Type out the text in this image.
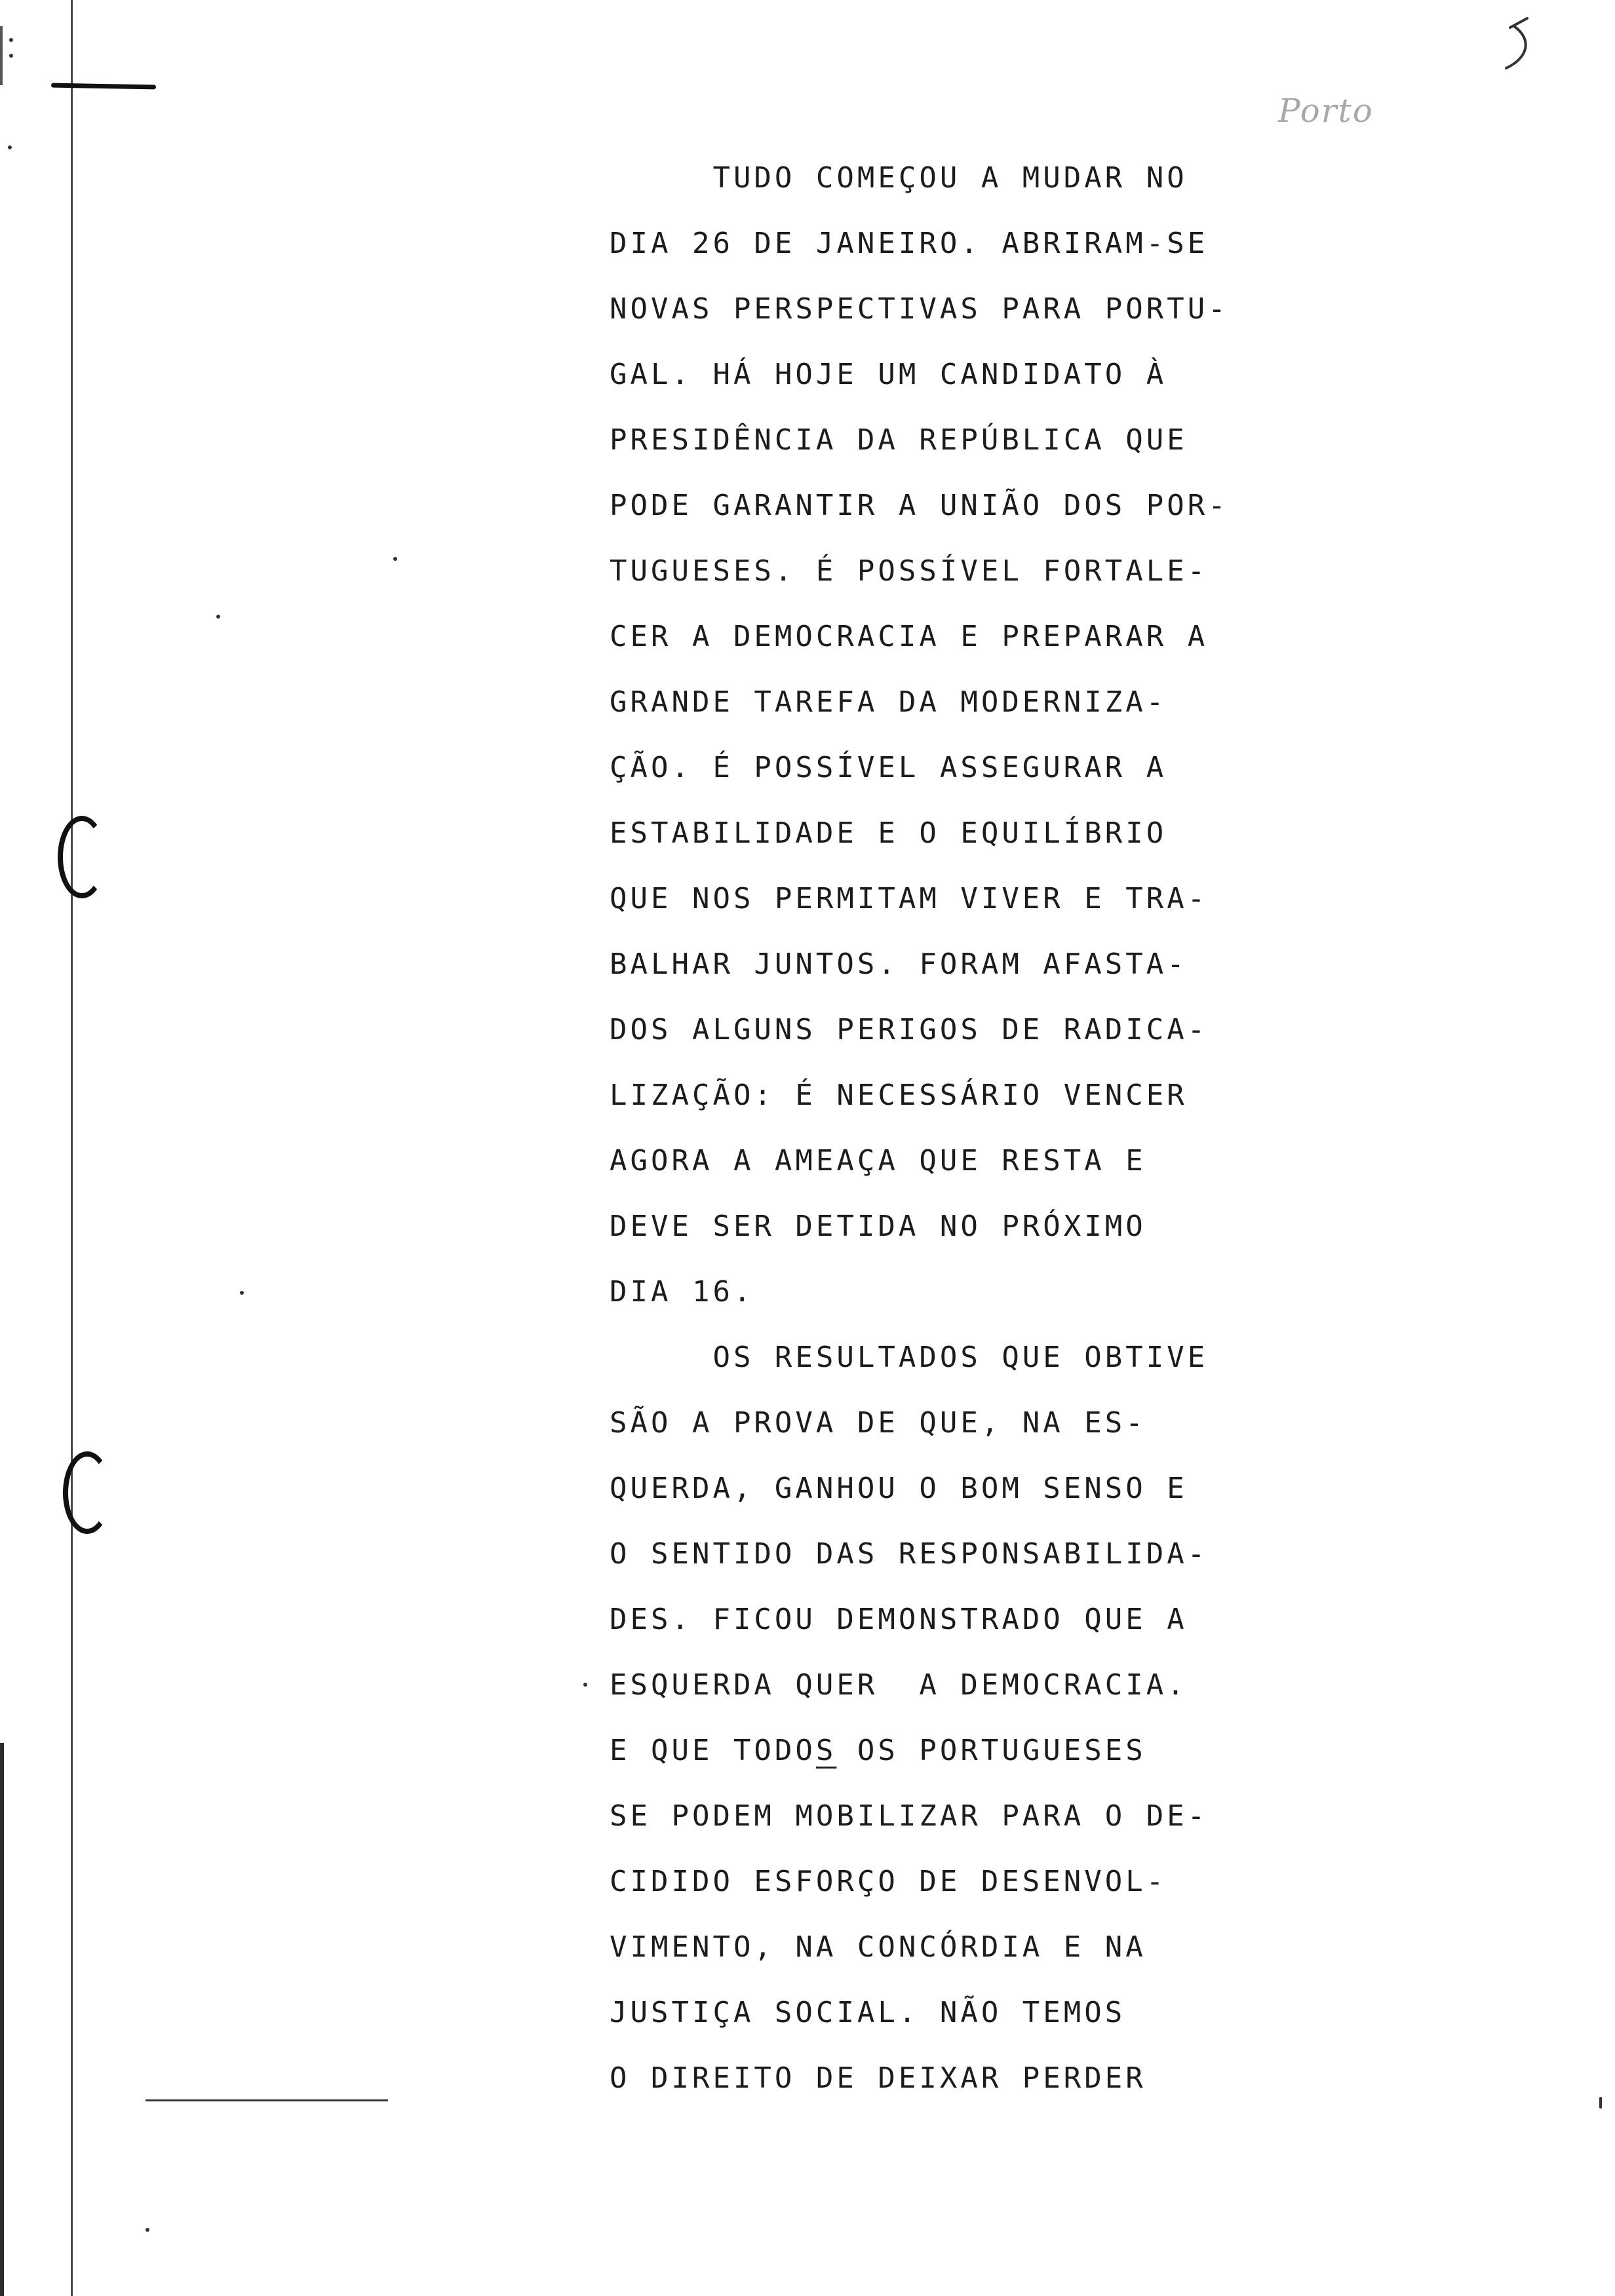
Porto
TUDO COMEÇOU A MUDAR NO
DIA 26 DE JANEIRO. ABRIRAM-SE
NOVAS PERSPECTIVAS PARA PORTU-
GAL. HÁ HOJE UM CANDIDATO À
PRESIDÊNCIA DA REPÚBLICA QUE
PODE GARANTIR A UNIÃO DOS POR-
TUGUESES. É POSSÍVEL FORTALE-
CER A DEMOCRACIA E PREPARAR A
GRANDE TAREFA DA MODERNIZA-
ÇÃO. É POSSÍVEL ASSEGURAR A
ESTABILIDADE E O EQUILÍBRIO
QUE NOS PERMITAM VIVER E TRA-
BALHAR JUNTOS. FORAM AFASTA-
DOS ALGUNS PERIGOS DE RADICA-
LIZAÇÃO: É NECESSÁRIO VENCER
AGORA A AMEAÇA QUE RESTA E
DEVE SER DETIDA NO PRÓXIMO
DIA 16.
OS RESULTADOS QUE OBTIVE
SÃO A PROVA DE QUE, NA ES-
QUERDA, GANHOU O BOM SENSO E
O SENTIDO DAS RESPONSABILIDA-
DES. FICOU DEMONSTRADO QUE A
ESQUERDA QUER  A DEMOCRACIA.
E QUE TODOS OS PORTUGUESES
SE PODEM MOBILIZAR PARA O DE-
CIDIDO ESFORÇO DE DESENVOL-
VIMENTO, NA CONCÓRDIA E NA
JUSTIÇA SOCIAL. NÃO TEMOS
O DIREITO DE DEIXAR PERDER
